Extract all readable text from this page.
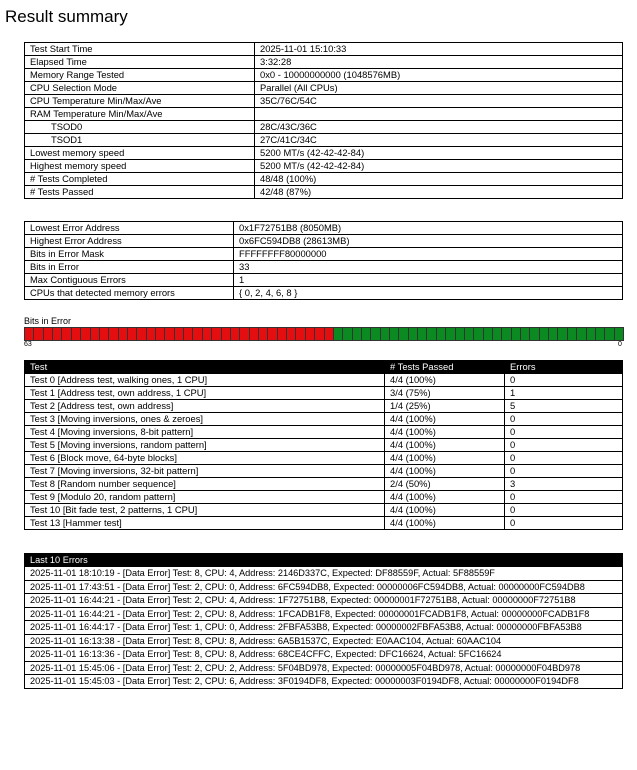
Result summary
Test Start Time	2025-11-01 15:10:33
Elapsed Time	3:32:28
Memory Range Tested	0x0 - 10000000000 (1048576MB)
CPU Selection Mode	Parallel (All CPUs)
CPU Temperature Min/Max/Ave	35C/76C/54C
RAM Temperature Min/Max/Ave	
TSOD0	28C/43C/36C
TSOD1	27C/41C/34C
Lowest memory speed	5200 MT/s (42-42-42-84)
Highest memory speed	5200 MT/s (42-42-42-84)
# Tests Completed	48/48 (100%)
# Tests Passed	42/48 (87%)
Lowest Error Address	0x1F72751B8 (8050MB)
Highest Error Address	0x6FC594DB8 (28613MB)
Bits in Error Mask	FFFFFFFF80000000
Bits in Error	33
Max Contiguous Errors	1
CPUs that detected memory errors	{ 0, 2, 4, 6, 8 }
Bits in Error
63	0
Test	# Tests Passed	Errors
Test 0 [Address test, walking ones, 1 CPU]	4/4 (100%)	0
Test 1 [Address test, own address, 1 CPU]	3/4 (75%)	1
Test 2 [Address test, own address]	1/4 (25%)	5
Test 3 [Moving inversions, ones & zeroes]	4/4 (100%)	0
Test 4 [Moving inversions, 8-bit pattern]	4/4 (100%)	0
Test 5 [Moving inversions, random pattern]	4/4 (100%)	0
Test 6 [Block move, 64-byte blocks]	4/4 (100%)	0
Test 7 [Moving inversions, 32-bit pattern]	4/4 (100%)	0
Test 8 [Random number sequence]	2/4 (50%)	3
Test 9 [Modulo 20, random pattern]	4/4 (100%)	0
Test 10 [Bit fade test, 2 patterns, 1 CPU]	4/4 (100%)	0
Test 13 [Hammer test]	4/4 (100%)	0
Last 10 Errors
2025-11-01 18:10:19 - [Data Error] Test: 8, CPU: 4, Address: 2146D337C, Expected: DF88559F, Actual: 5F88559F
2025-11-01 17:43:51 - [Data Error] Test: 2, CPU: 0, Address: 6FC594DB8, Expected: 00000006FC594DB8, Actual: 00000000FC594DB8
2025-11-01 16:44:21 - [Data Error] Test: 2, CPU: 4, Address: 1F72751B8, Expected: 00000001F72751B8, Actual: 00000000F72751B8
2025-11-01 16:44:21 - [Data Error] Test: 2, CPU: 8, Address: 1FCADB1F8, Expected: 00000001FCADB1F8, Actual: 00000000FCADB1F8
2025-11-01 16:44:17 - [Data Error] Test: 1, CPU: 0, Address: 2FBFA53B8, Expected: 00000002FBFA53B8, Actual: 00000000FBFA53B8
2025-11-01 16:13:38 - [Data Error] Test: 8, CPU: 8, Address: 6A5B1537C, Expected: E0AAC104, Actual: 60AAC104
2025-11-01 16:13:36 - [Data Error] Test: 8, CPU: 8, Address: 68CE4CFFC, Expected: DFC16624, Actual: 5FC16624
2025-11-01 15:45:06 - [Data Error] Test: 2, CPU: 2, Address: 5F04BD978, Expected: 00000005F04BD978, Actual: 00000000F04BD978
2025-11-01 15:45:03 - [Data Error] Test: 2, CPU: 6, Address: 3F0194DF8, Expected: 00000003F0194DF8, Actual: 00000000F0194DF8
